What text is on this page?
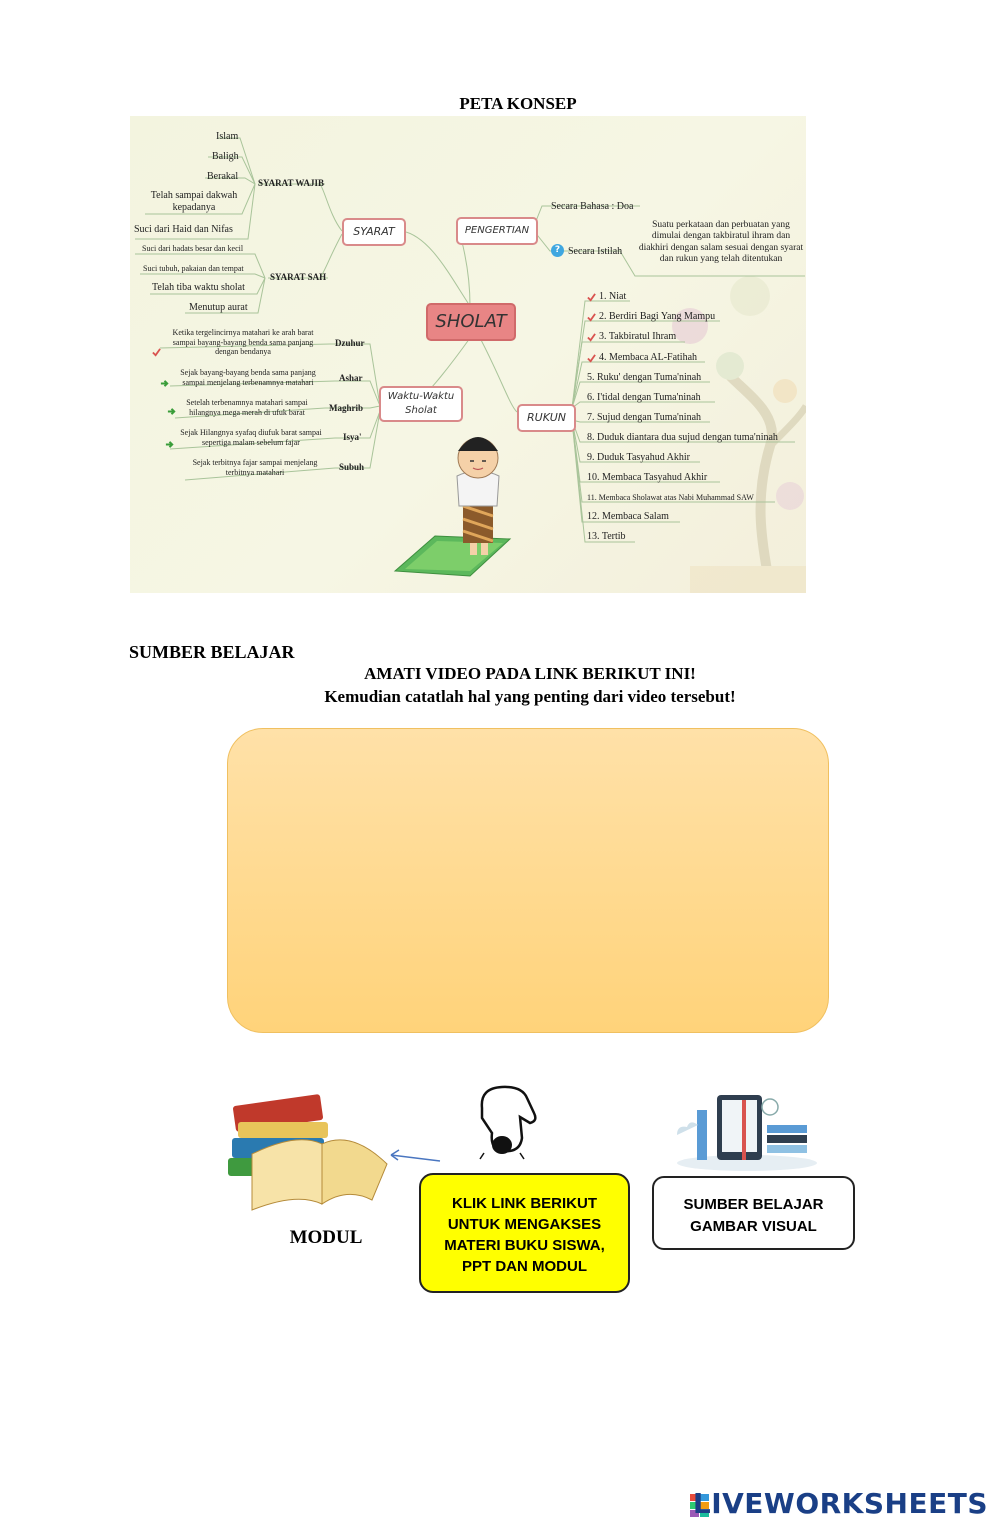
PETA KONSEP
SHOLAT
SYARAT
SYARAT WAJIB
Islam
Baligh
Berakal
Telah sampai dakwah kepadanya
Suci dari Haid dan Nifas
SYARAT SAH
Suci dari hadats besar dan kecil
Suci tubuh, pakaian dan tempat
Telah tiba waktu sholat
Menutup aurat
PENGERTIAN
Secara Bahasa : Doa
? Secara Istilah
Suatu perkataan dan perbuatan yang dimulai dengan takbiratul ihram dan diakhiri dengan salam sesuai dengan syarat dan rukun yang telah ditentukan
RUKUN
1. Niat
2. Berdiri Bagi Yang Mampu
3. Takbiratul Ihram
4. Membaca AL-Fatihah
5. Ruku' dengan Tuma'ninah
6. I'tidal dengan Tuma'ninah
7. Sujud dengan Tuma'ninah
8. Duduk diantara dua sujud dengan tuma'ninah
9. Duduk Tasyahud Akhir
10. Membaca Tasyahud Akhir
11. Membaca Sholawat atas Nabi Muhammad SAW
12. Membaca Salam
13. Tertib
Waktu-Waktu Sholat
Dzuhur
Ketika tergelincirnya matahari ke arah barat sampai bayang-bayang benda sama panjang dengan bendanya
Ashar
Sejak bayang-bayang benda sama panjang sampai menjelang terbenamnya matahari
Maghrib
Setelah terbenamnya matahari sampai hilangnya mega merah di ufuk barat
Isya'
Sejak Hilangnya syafaq diufuk barat sampai sepertiga malam sebelum fajar
Subuh
Sejak terbitnya fajar sampai menjelang terbitnya matahari
SUMBER BELAJAR
AMATI VIDEO PADA LINK BERIKUT INI!
Kemudian catatlah hal yang penting dari video tersebut!
MODUL
KLIK LINK BERIKUT
UNTUK MENGAKSES
MATERI BUKU SISWA,
PPT DAN MODUL
SUMBER BELAJAR
GAMBAR VISUAL
LIVEWORKSHEETS
